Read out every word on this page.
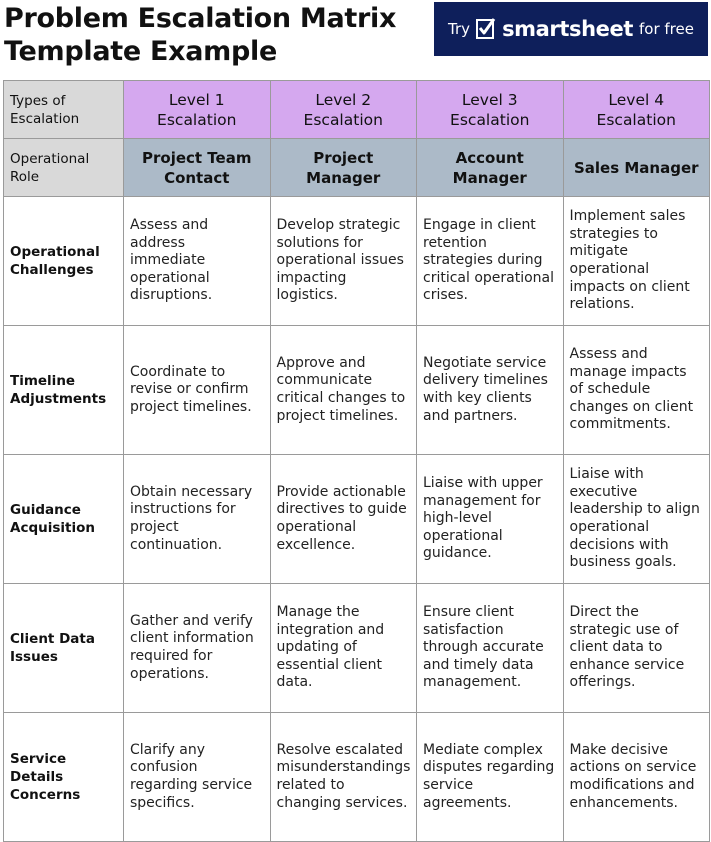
Problem Escalation Matrix Template Example
Try smartsheet for free
Types of Escalation	Level 1 Escalation	Level 2 Escalation	Level 3 Escalation	Level 4 Escalation
Operational Role	Project Team Contact	Project Manager	Account Manager	Sales Manager
Operational Challenges	Assess and address immediate operational disruptions.	Develop strategic solutions for operational issues impacting logistics.	Engage in client retention strategies during critical operational crises.	Implement sales strategies to mitigate operational impacts on client relations.
Timeline Adjustments	Coordinate to revise or confirm project timelines.	Approve and communicate critical changes to project timelines.	Negotiate service delivery timelines with key clients and partners.	Assess and manage impacts of schedule changes on client commitments.
Guidance Acquisition	Obtain necessary instructions for project continuation.	Provide actionable directives to guide operational excellence.	Liaise with upper management for high-level operational guidance.	Liaise with executive leadership to align operational decisions with business goals.
Client Data Issues	Gather and verify client information required for operations.	Manage the integration and updating of essential client data.	Ensure client satisfaction through accurate and timely data management.	Direct the strategic use of client data to enhance service offerings.
Service Details Concerns	Clarify any confusion regarding service specifics.	Resolve escalated misunderstandings related to changing services.	Mediate complex disputes regarding service agreements.	Make decisive actions on service modifications and enhancements.
